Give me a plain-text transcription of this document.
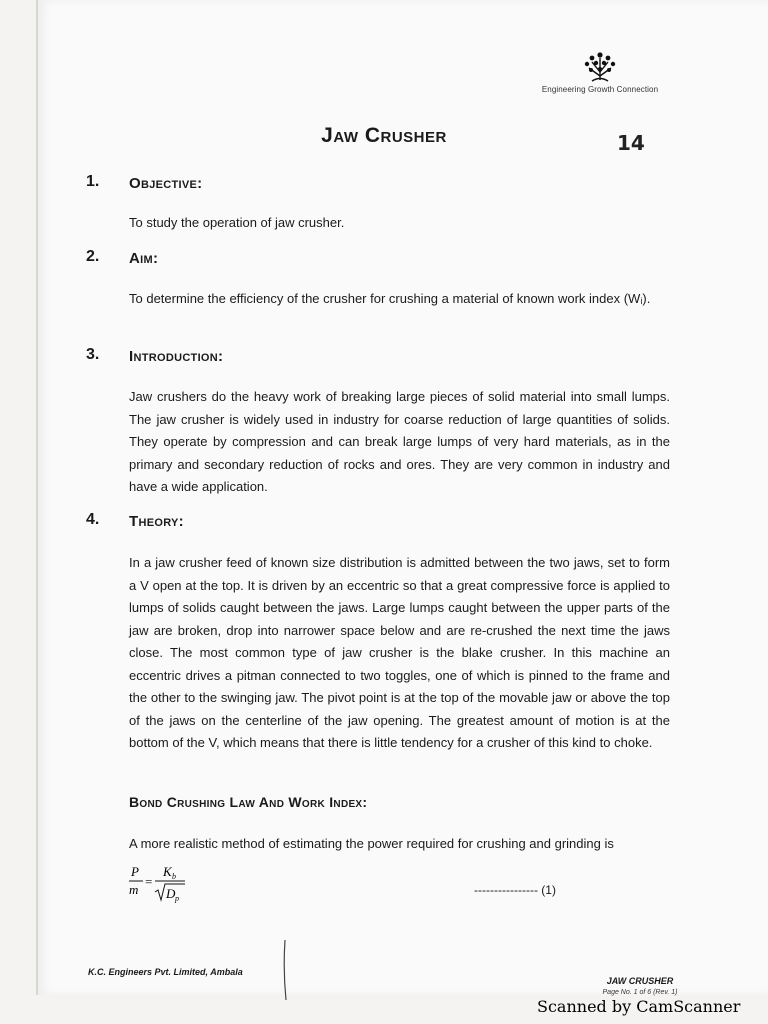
Engineering Growth Connection
Jaw Crusher	14
1. Objective:
To study the operation of jaw crusher.
2. Aim:
To determine the efficiency of the crusher for crushing a material of known work index (Wᵢ).
3. Introduction:
Jaw crushers do the heavy work of breaking large pieces of solid material into small lumps. The jaw crusher is widely used in industry for coarse reduction of large quantities of solids. They operate by compression and can break large lumps of very hard materials, as in the primary and secondary reduction of rocks and ores. They are very common in industry and have a wide application.
4. Theory:
In a jaw crusher feed of known size distribution is admitted between the two jaws, set to form a V open at the top. It is driven by an eccentric so that a great compressive force is applied to lumps of solids caught between the jaws. Large lumps caught between the upper parts of the jaw are broken, drop into narrower space below and are re-crushed the next time the jaws close. The most common type of jaw crusher is the blake crusher. In this machine an eccentric drives a pitman connected to two toggles, one of which is pinned to the frame and the other to the swinging jaw. The pivot point is at the top of the movable jaw or above the top of the jaws on the centerline of the jaw opening. The greatest amount of motion is at the bottom of the V, which means that there is little tendency for a crusher of this kind to choke.
Bond Crushing Law And Work Index:
A more realistic method of estimating the power required for crushing and grinding is
P
m
=
K b
D p
---------------- (1)
K.C. Engineers Pvt. Limited, Ambala
JAW CRUSHER
Page No. 1 of 6 (Rev. 1)
Scanned by CamScanner
